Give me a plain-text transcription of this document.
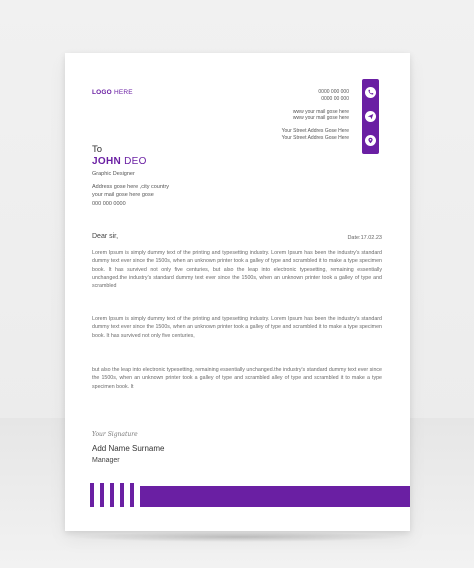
LOGO HERE	0000 000 000
0000 00 000
www your mail gose here
www your mail gose here
Your Street Addres Gose Here
Your Street Addres Gose Here
To
JOHN DEO
Graphic Designer
Address gose here ,city country
your mail gose here gose
000 000 0000
Dear sir,	Date:17.02.23
Lorem Ipsum is simply dummy text of the printing and typesetting industry. Lorem Ipsum has been the industry's standard dummy text ever since the 1500s, when an unknown printer took a galley of type and scrambled it to make a type specimen book. It has survived not only five centuries, but also the leap into electronic typesetting, remaining essentially unchanged.the industry's standard dummy text ever since the 1500s, when an unknown printer took a galley of type and scrambled
Lorem Ipsum is simply dummy text of the printing and typesetting industry. Lorem Ipsum has been the industry's standard dummy text ever since the 1500s, when an unknown printer took a galley of type and scrambled it to make a type specimen book. It has survived not only five centuries,
but also the leap into electronic typesetting, remaining essentially unchanged.the industry's standard dummy text ever since the 1500s, when an unknown printer took a galley of type and scrambled alley of type and scrambled it to make a type specimen book. It
Your Signature
Add Name Surname
Manager
